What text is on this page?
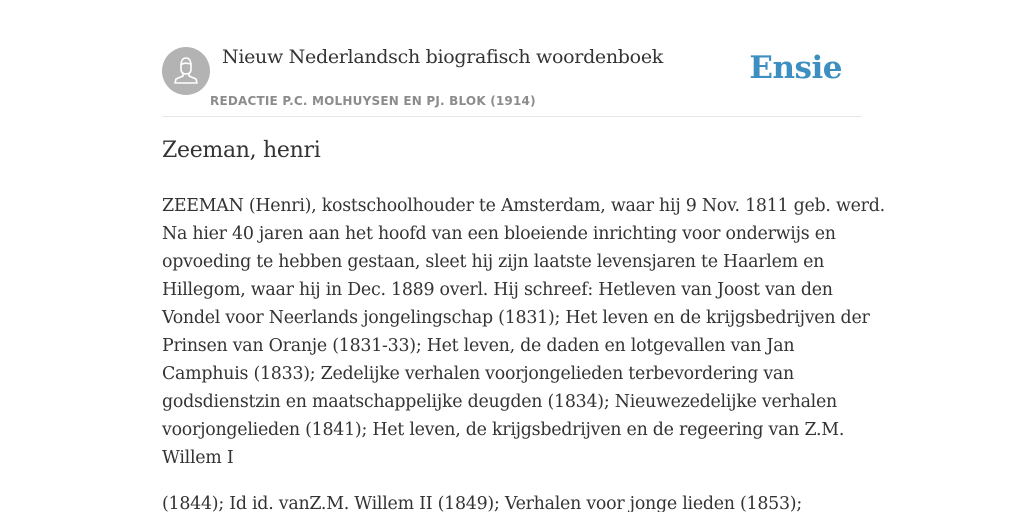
Nieuw Nederlandsch biografisch woordenboek
REDACTIE P.C. MOLHUYSEN EN PJ. BLOK (1914)
Ensie
Zeeman, henri
ZEEMAN (Henri), kostschoolhouder te Amsterdam, waar hij 9 Nov. 1811 geb. werd.
Na hier 40 jaren aan het hoofd van een bloeiende inrichting voor onderwijs en
opvoeding te hebben gestaan, sleet hij zijn laatste levensjaren te Haarlem en
Hillegom, waar hij in Dec. 1889 overl. Hij schreef: Hetleven van Joost van den
Vondel voor Neerlands jongelingschap (1831); Het leven en de krijgsbedrijven der
Prinsen van Oranje (1831-33); Het leven, de daden en lotgevallen van Jan
Camphuis (1833); Zedelijke verhalen voorjongelieden terbevordering van
godsdienstzin en maatschappelijke deugden (1834); Nieuwezedelijke verhalen
voorjongelieden (1841); Het leven, de krijgsbedrijven en de regeering van Z.M.
Willem I
(1844); Id id. vanZ.M. Willem II (1849); Verhalen voor jonge lieden (1853);
